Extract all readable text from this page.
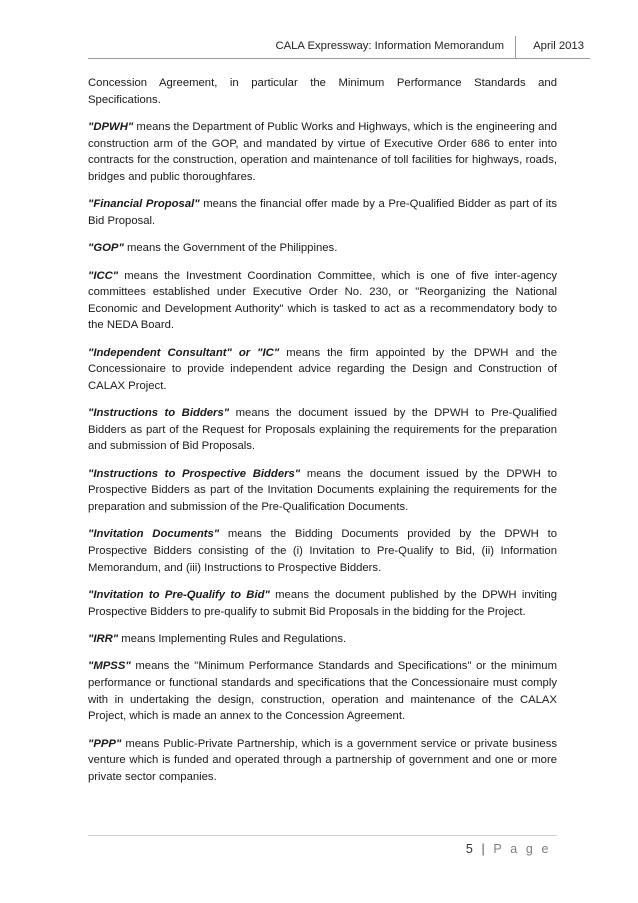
CALA Expressway: Information Memorandum	April 2013

Concession Agreement, in particular the Minimum Performance Standards and Specifications.

"DPWH" means the Department of Public Works and Highways, which is the engineering and construction arm of the GOP, and mandated by virtue of Executive Order 686 to enter into contracts for the construction, operation and maintenance of toll facilities for highways, roads, bridges and public thoroughfares.

"Financial Proposal" means the financial offer made by a Pre-Qualified Bidder as part of its Bid Proposal.

"GOP" means the Government of the Philippines.

"ICC" means the Investment Coordination Committee, which is one of five inter-agency committees established under Executive Order No. 230, or "Reorganizing the National Economic and Development Authority" which is tasked to act as a recommendatory body to the NEDA Board.

"Independent Consultant" or "IC" means the firm appointed by the DPWH and the Concessionaire to provide independent advice regarding the Design and Construction of CALAX Project.

"Instructions to Bidders" means the document issued by the DPWH to Pre-Qualified Bidders as part of the Request for Proposals explaining the requirements for the preparation and submission of Bid Proposals.

"Instructions to Prospective Bidders" means the document issued by the DPWH to Prospective Bidders as part of the Invitation Documents explaining the requirements for the preparation and submission of the Pre-Qualification Documents.

"Invitation Documents" means the Bidding Documents provided by the DPWH to Prospective Bidders consisting of the (i) Invitation to Pre-Qualify to Bid, (ii) Information Memorandum, and (iii) Instructions to Prospective Bidders.

"Invitation to Pre-Qualify to Bid" means the document published by the DPWH inviting Prospective Bidders to pre-qualify to submit Bid Proposals in the bidding for the Project.

"IRR" means Implementing Rules and Regulations.

"MPSS" means the "Minimum Performance Standards and Specifications" or the minimum performance or functional standards and specifications that the Concessionaire must comply with in undertaking the design, construction, operation and maintenance of the CALAX Project, which is made an annex to the Concession Agreement.

"PPP" means Public-Private Partnership, which is a government service or private business venture which is funded and operated through a partnership of government and one or more private sector companies.

5 | P a g e
